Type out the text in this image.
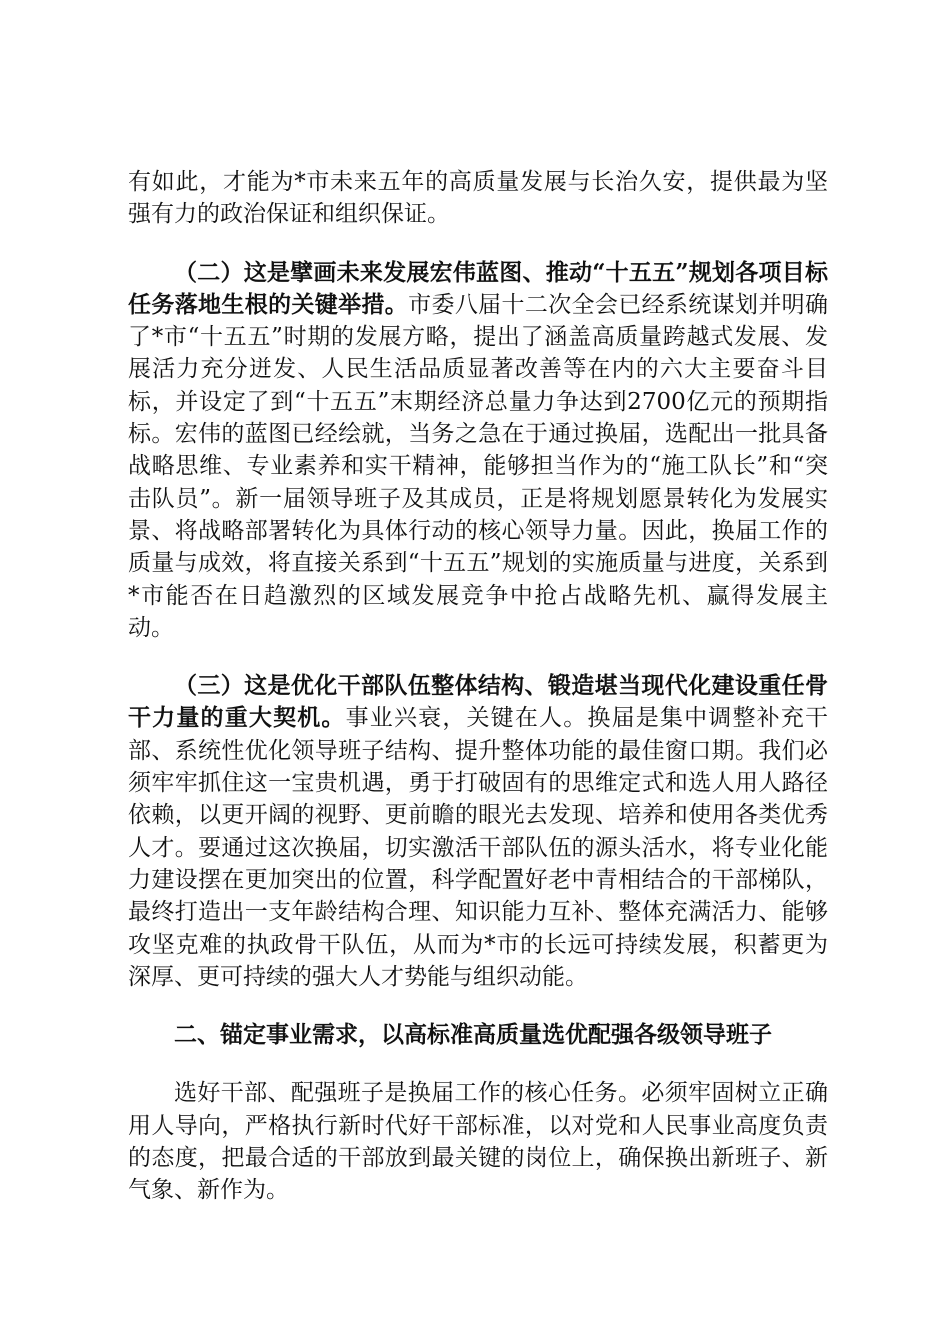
有如此，才能为*市未来五年的高质量发展与长治久安，提供最为坚强有力的政治保证和组织保证。

（二）这是擘画未来发展宏伟蓝图、推动“十五五”规划各项目标任务落地生根的关键举措。市委八届十二次全会已经系统谋划并明确了*市“十五五”时期的发展方略，提出了涵盖高质量跨越式发展、发展活力充分迸发、人民生活品质显著改善等在内的六大主要奋斗目标，并设定了到“十五五”末期经济总量力争达到2700亿元的预期指标。宏伟的蓝图已经绘就，当务之急在于通过换届，选配出一批具备战略思维、专业素养和实干精神，能够担当作为的“施工队长”和“突击队员”。新一届领导班子及其成员，正是将规划愿景转化为发展实景、将战略部署转化为具体行动的核心领导力量。因此，换届工作的质量与成效，将直接关系到“十五五”规划的实施质量与进度，关系到*市能否在日趋激烈的区域发展竞争中抢占战略先机、赢得发展主动。

（三）这是优化干部队伍整体结构、锻造堪当现代化建设重任骨干力量的重大契机。事业兴衰，关键在人。换届是集中调整补充干部、系统性优化领导班子结构、提升整体功能的最佳窗口期。我们必须牢牢抓住这一宝贵机遇，勇于打破固有的思维定式和选人用人路径依赖，以更开阔的视野、更前瞻的眼光去发现、培养和使用各类优秀人才。要通过这次换届，切实激活干部队伍的源头活水，将专业化能力建设摆在更加突出的位置，科学配置好老中青相结合的干部梯队，最终打造出一支年龄结构合理、知识能力互补、整体充满活力、能够攻坚克难的执政骨干队伍，从而为*市的长远可持续发展，积蓄更为深厚、更可持续的强大人才势能与组织动能。

二、锚定事业需求，以高标准高质量选优配强各级领导班子

选好干部、配强班子是换届工作的核心任务。必须牢固树立正确用人导向，严格执行新时代好干部标准，以对党和人民事业高度负责的态度，把最合适的干部放到最关键的岗位上，确保换出新班子、新气象、新作为。
